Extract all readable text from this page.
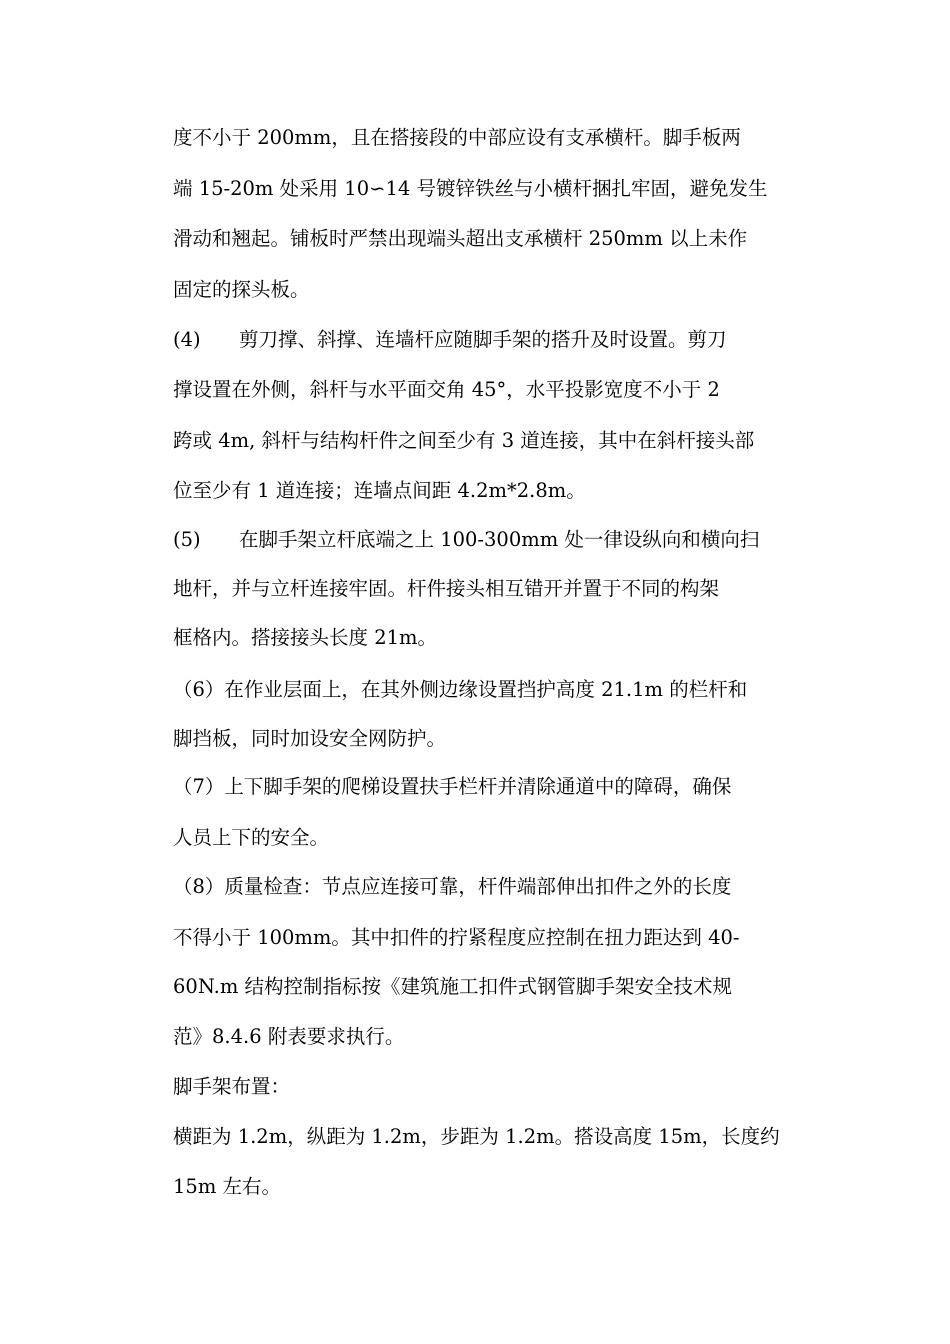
度不小于 200mm，且在搭接段的中部应设有支承横杆。脚手板两
端 15-20m 处采用 10∽14 号镀锌铁丝与小横杆捆扎牢固，避免发生
滑动和翘起。铺板时严禁出现端头超出支承横杆 250mm 以上未作
固定的探头板。
(4) 剪刀撑、斜撑、连墙杆应随脚手架的搭升及时设置。剪刀
撑设置在外侧，斜杆与水平面交角 45°，水平投影宽度不小于 2
跨或 4m, 斜杆与结构杆件之间至少有 3 道连接，其中在斜杆接头部
位至少有 1 道连接；连墙点间距 4.2m*2.8m。
(5) 在脚手架立杆底端之上 100-300mm 处一律设纵向和横向扫
地杆，并与立杆连接牢固。杆件接头相互错开并置于不同的构架
框格内。搭接接头长度 21m。
（6）在作业层面上，在其外侧边缘设置挡护高度 21.1m 的栏杆和
脚挡板，同时加设安全网防护。
（7）上下脚手架的爬梯设置扶手栏杆并清除通道中的障碍，确保
人员上下的安全。
（8）质量检查：节点应连接可靠，杆件端部伸出扣件之外的长度
不得小于 100mm。其中扣件的拧紧程度应控制在扭力距达到 40-
60N.m 结构控制指标按《建筑施工扣件式钢管脚手架安全技术规
范》8.4.6 附表要求执行。
脚手架布置：
横距为 1.2m，纵距为 1.2m，步距为 1.2m。搭设高度 15m，长度约
15m 左右。
